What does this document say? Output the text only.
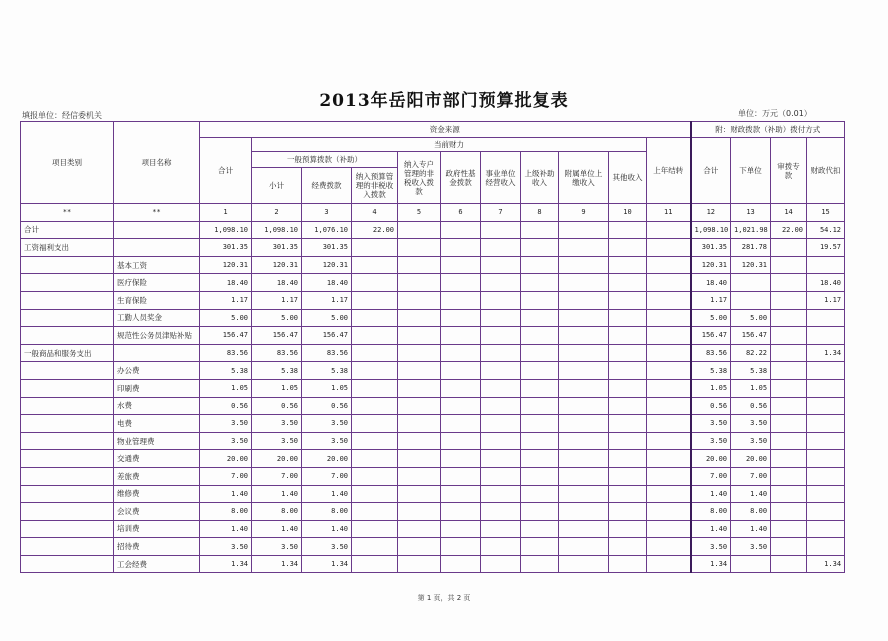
2013年岳阳市部门预算批复表
填报单位：经信委机关	单位：万元（0.01）
项目类别	项目名称	资金来源											附：财政拨款（补助）拨付方式			
		合计	当前财力									上年结转	合计	下单位	审拨专款	财政代扣
			一般预算拨款（补助）			纳入专户管理的非税收入拨款	政府性基金拨款	事业单位经营收入	上级补助收入	附属单位上缴收入	其他收入					
			小计	经费拨款	纳入预算管理的非税收入拨款											
**	**	1	2	3	4	5	6	7	8	9	10	11	12	13	14	15
合计		1,098.10	1,098.10	1,076.10	22.00								1,098.10	1,021.98	22.00	54.12
工资福利支出		301.35	301.35	301.35									301.35	281.78		19.57
	基本工资	120.31	120.31	120.31									120.31	120.31		
	医疗保险	18.40	18.40	18.40									18.40			18.40
	生育保险	1.17	1.17	1.17									1.17			1.17
	工勤人员奖金	5.00	5.00	5.00									5.00	5.00		
	规范性公务员津贴补贴	156.47	156.47	156.47									156.47	156.47		
一般商品和服务支出		83.56	83.56	83.56									83.56	82.22		1.34
	办公费	5.38	5.38	5.38									5.38	5.38		
	印刷费	1.05	1.05	1.05									1.05	1.05		
	水费	0.56	0.56	0.56									0.56	0.56		
	电费	3.50	3.50	3.50									3.50	3.50		
	物业管理费	3.50	3.50	3.50									3.50	3.50		
	交通费	20.00	20.00	20.00									20.00	20.00		
	差旅费	7.00	7.00	7.00									7.00	7.00		
	维修费	1.40	1.40	1.40									1.40	1.40		
	会议费	8.00	8.00	8.00									8.00	8.00		
	培训费	1.40	1.40	1.40									1.40	1.40		
	招待费	3.50	3.50	3.50									3.50	3.50		
	工会经费	1.34	1.34	1.34									1.34			1.34
第 1 页，共 2 页
